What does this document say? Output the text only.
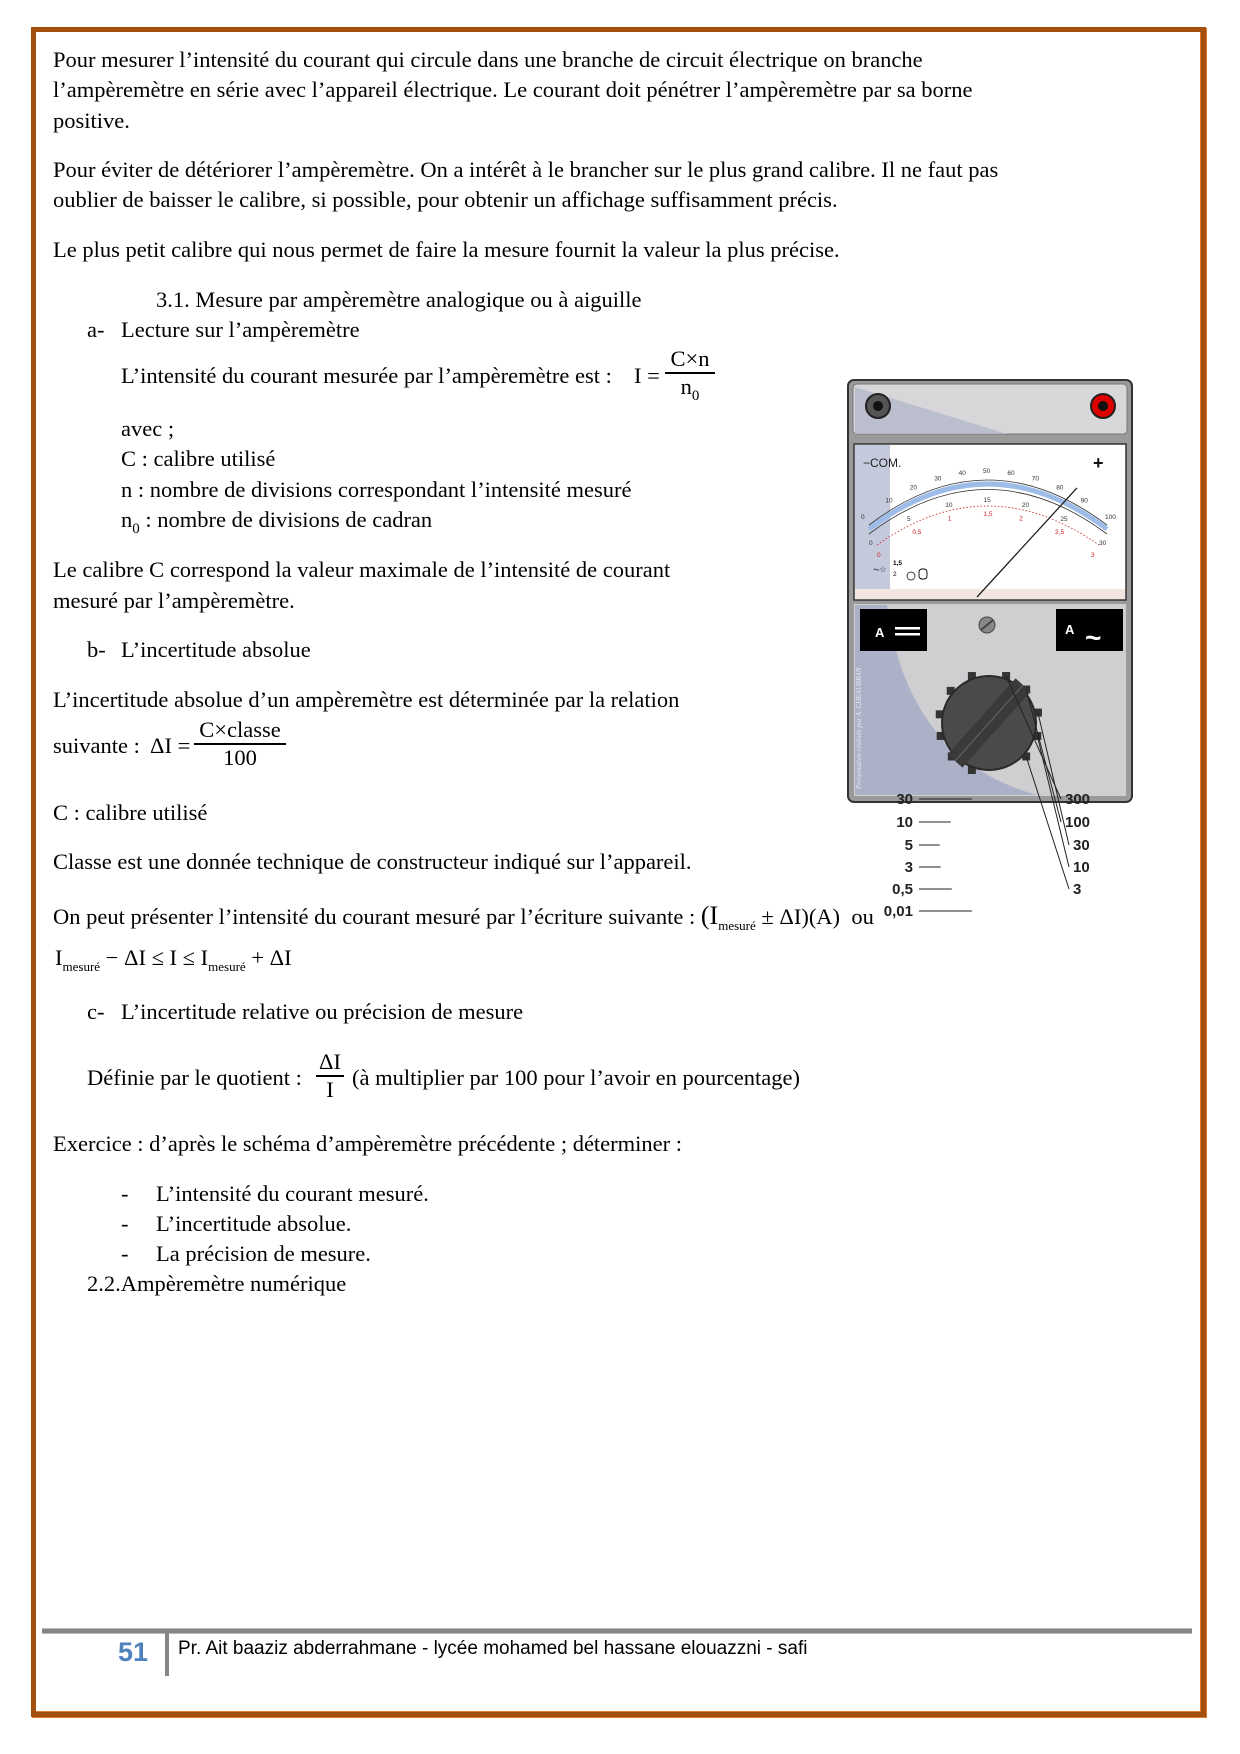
Pour mesurer l’intensité du courant qui circule dans une branche de circuit électrique on branche
l’ampèremètre en série avec l’appareil électrique. Le courant doit pénétrer l’ampèremètre par sa borne
positive.
Pour éviter de détériorer l’ampèremètre. On a intérêt à le brancher sur le plus grand calibre. Il ne faut pas
oublier de baisser le calibre, si possible, pour obtenir un affichage suffisamment précis.
Le plus petit calibre qui nous permet de faire la mesure fournit la valeur la plus précise.
3.1. Mesure par ampèremètre analogique ou à aiguille
a- Lecture sur l’ampèremètre
L’intensité du courant mesurée par l’ampèremètre est : I =
C×n
$n_0$
avec ;
C : calibre utilisé
n : nombre de divisions correspondant l’intensité mesuré
$n_0$ : nombre de divisions de cadran
Le calibre C correspond la valeur maximale de l’intensité de courant
mesuré par l’ampèremètre.
b- L’incertitude absolue
L’incertitude absolue d’un ampèremètre est déterminée par la relation
suivante : ΔI =
C×classe
100
C : calibre utilisé
Classe est une donnée technique de constructeur indiqué sur l’appareil.
On peut présenter l’intensité du courant mesuré par l’écriture suivante : $(I_{mesuré} \pm \Delta I)(A)$ ou
$I_{mesuré} - \Delta I \le I \le I_{mesuré} + \Delta I$
c- L’incertitude relative ou précision de mesure
Définie par le quotient :
ΔI
I (à multiplier par 100 pour l’avoir en pourcentage)
Exercice : d’après le schéma d’ampèremètre précédente ; déterminer :
- L’intensité du courant mesuré.
- L’incertitude absolue.
- La précision de mesure.
2.2.Ampèremètre numérique
−COM.	+
0
10
20
30
40	50	60
70
80
90
100
0
5
10
15
20
25
30
0
0,5
1
1,5
2
2,5
3
⏦☆
1,5
2
A	A ~
30
10
5
3
0,5
0,01
300
100
30
10
3
Présentation réalisée par A. CHEAUBRAN
51 Pr. Ait baaziz abderrahmane - lycée mohamed bel hassane elouazzni - safi
